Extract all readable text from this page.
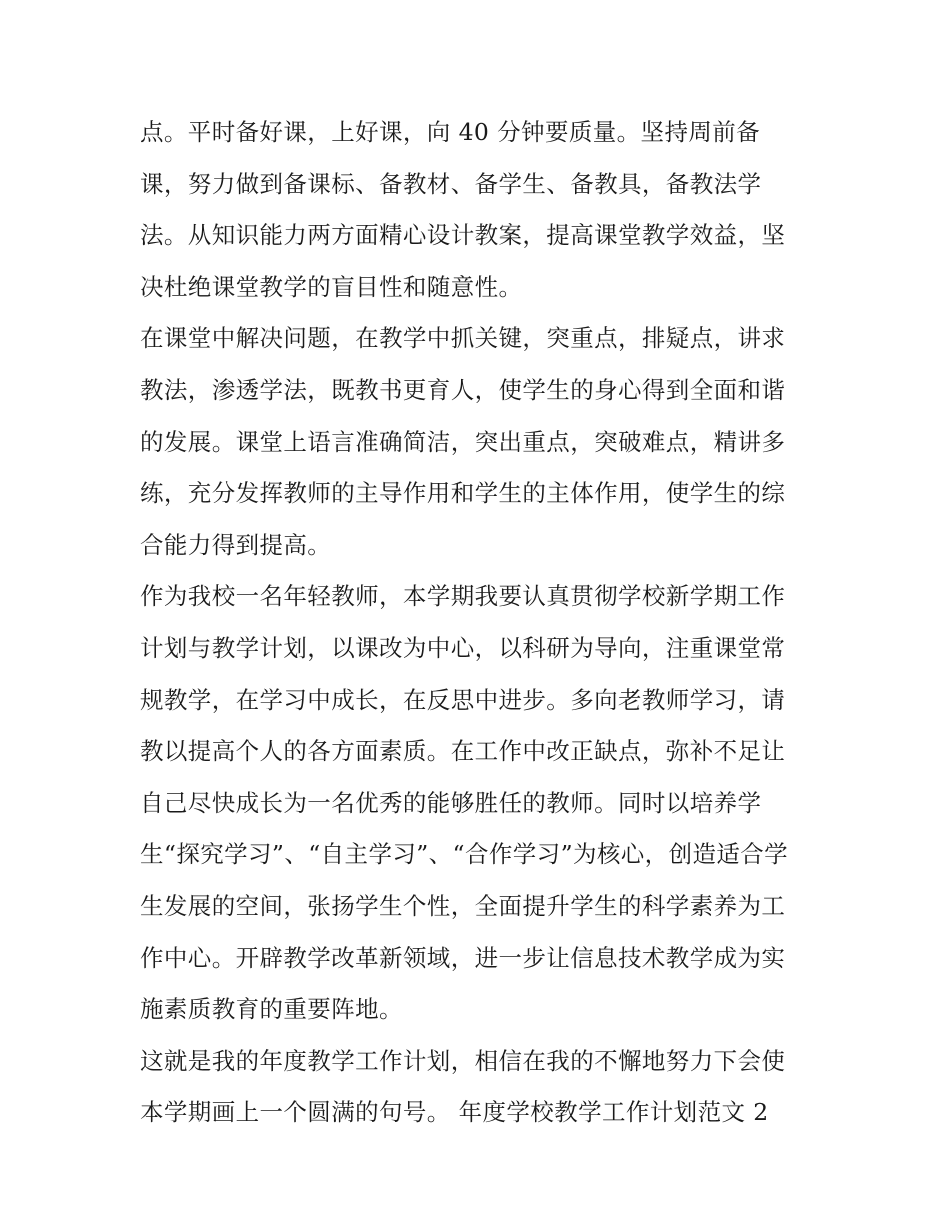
点。平时备好课，上好课，向 40 分钟要质量。坚持周前备
课，努力做到备课标、备教材、备学生、备教具，备教法学
法。从知识能力两方面精心设计教案，提高课堂教学效益，坚
决杜绝课堂教学的盲目性和随意性。
在课堂中解决问题，在教学中抓关键，突重点，排疑点，讲求
教法，渗透学法，既教书更育人，使学生的身心得到全面和谐
的发展。课堂上语言准确简洁，突出重点，突破难点，精讲多
练，充分发挥教师的主导作用和学生的主体作用，使学生的综
合能力得到提高。
作为我校一名年轻教师，本学期我要认真贯彻学校新学期工作
计划与教学计划，以课改为中心，以科研为导向，注重课堂常
规教学，在学习中成长，在反思中进步。多向老教师学习，请
教以提高个人的各方面素质。在工作中改正缺点，弥补不足让
自己尽快成长为一名优秀的能够胜任的教师。同时以培养学
生“探究学习”、“自主学习”、“合作学习”为核心，创造适合学
生发展的空间，张扬学生个性，全面提升学生的科学素养为工
作中心。开辟教学改革新领域，进一步让信息技术教学成为实
施素质教育的重要阵地。
这就是我的年度教学工作计划，相信在我的不懈地努力下会使
本学期画上一个圆满的句号。 年度学校教学工作计划范文 2
